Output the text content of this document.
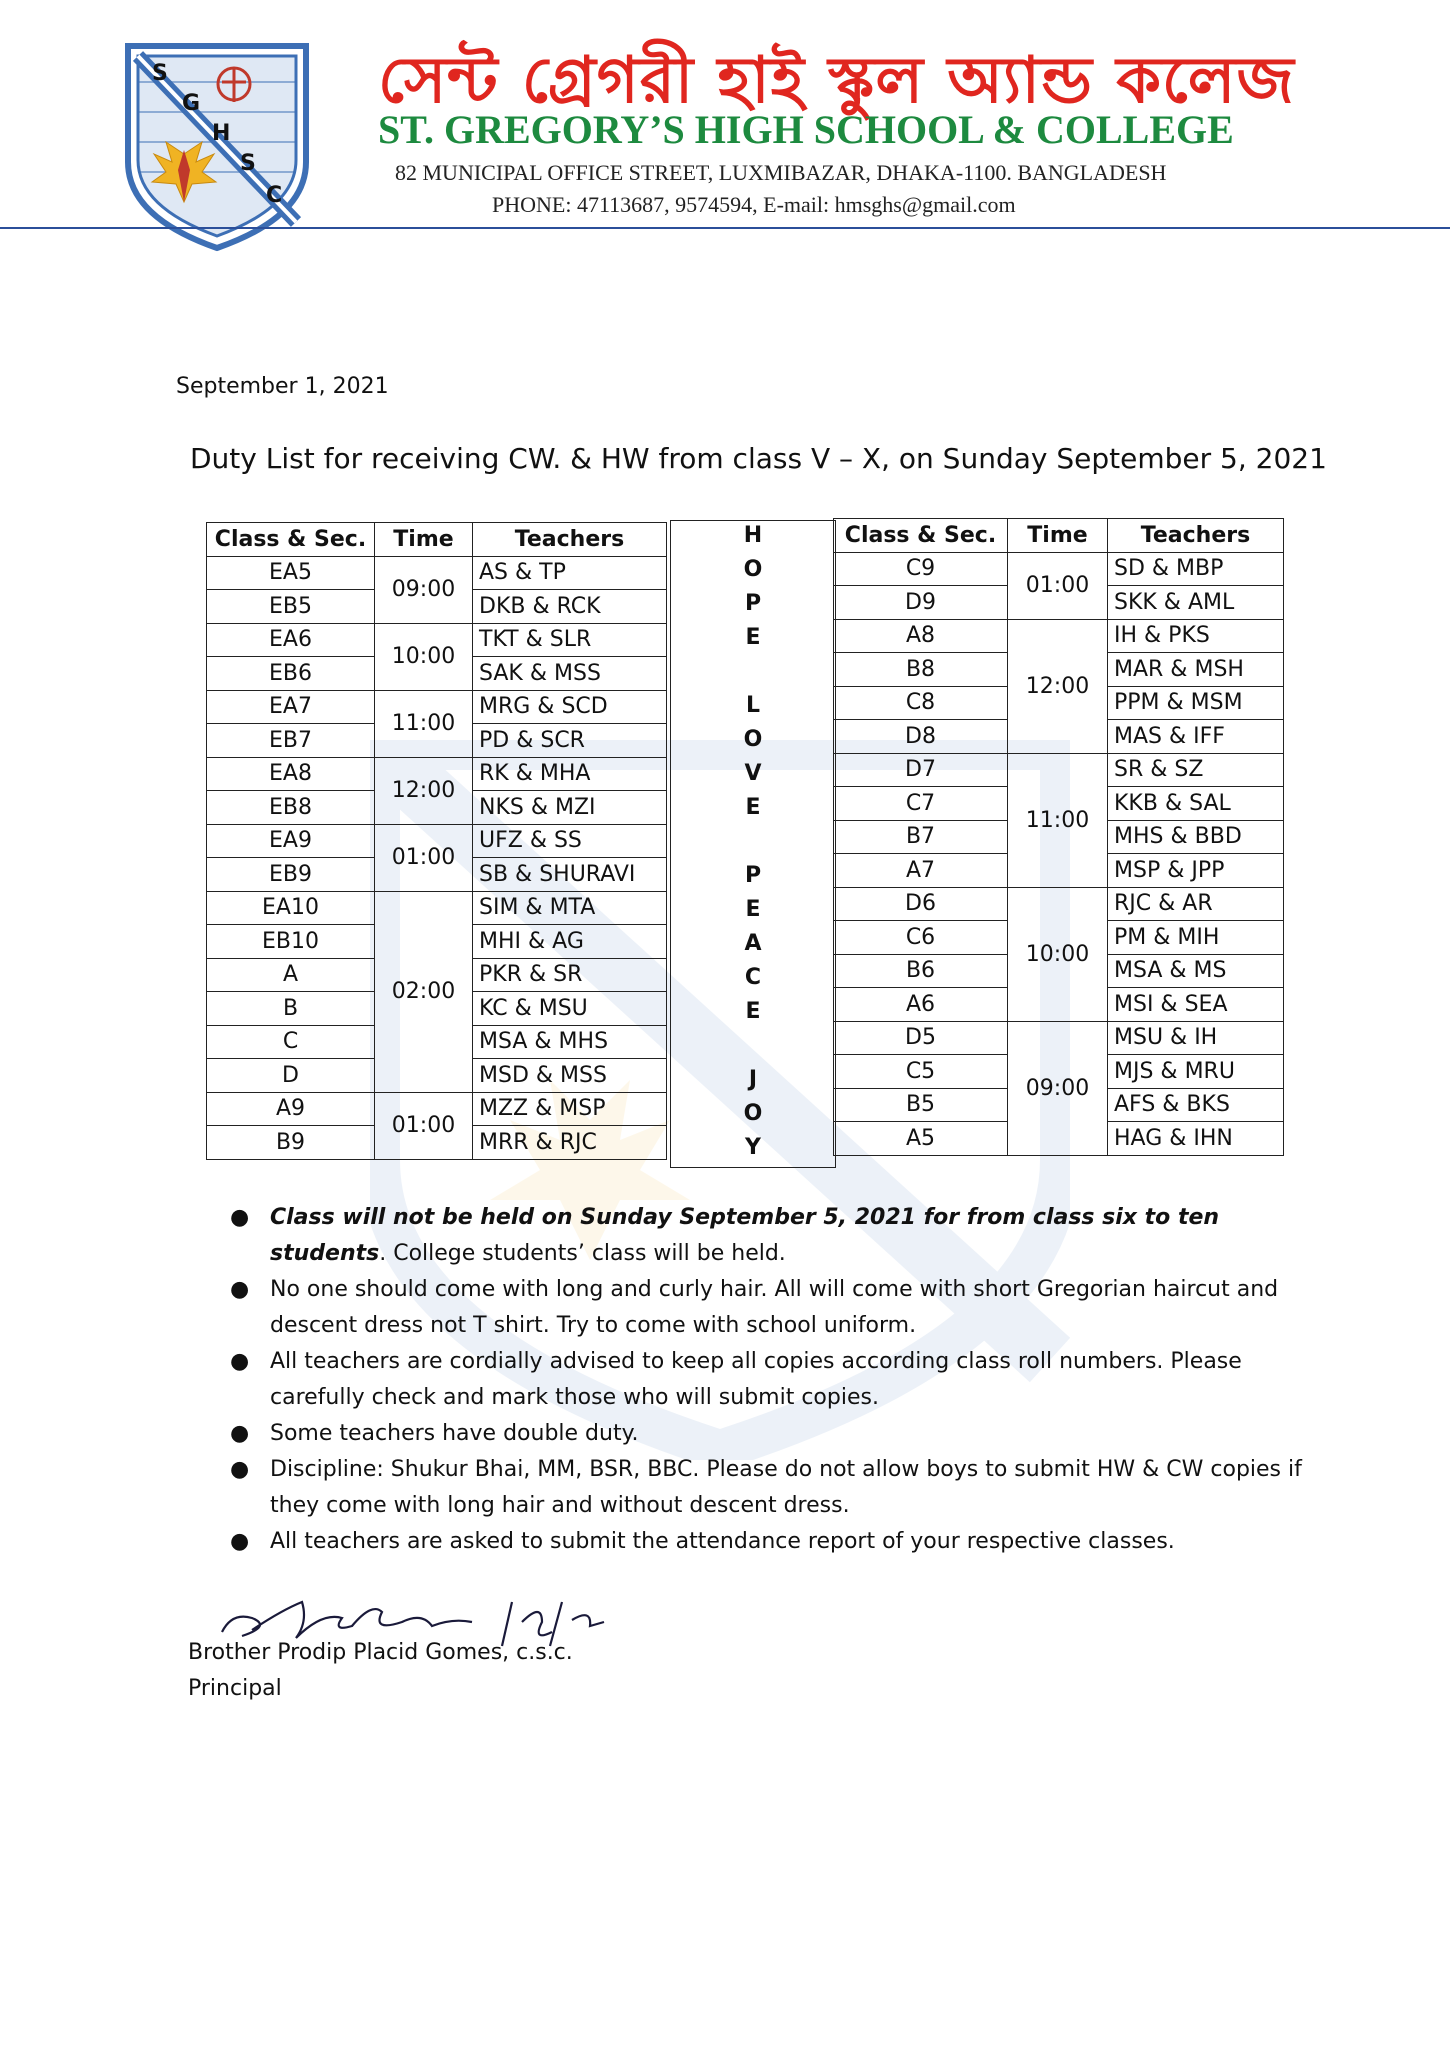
S
G
H
S
C
সেন্ট গ্রেগরী হাই স্কুল অ্যান্ড কলেজ
ST. GREGORY’S HIGH SCHOOL & COLLEGE
82 MUNICIPAL OFFICE STREET, LUXMIBAZAR, DHAKA-1100. BANGLADESH
PHONE: 47113687, 9574594, E-mail: hmsghs@gmail.com
September 1, 2021
Duty List for receiving CW. & HW from class V – X, on Sunday September 5, 2021
Class & Sec.	Time	Teachers
EA5	09:00	AS & TP
EB5		DKB & RCK
EA6	10:00	TKT & SLR
EB6		SAK & MSS
EA7	11:00	MRG & SCD
EB7		PD & SCR
EA8	12:00	RK & MHA
EB8		NKS & MZI
EA9	01:00	UFZ & SS
EB9		SB & SHURAVI
EA10	02:00	SIM & MTA
EB10		MHI & AG
A		PKR & SR
B		KC & MSU
C		MSA & MHS
D		MSD & MSS
A9	01:00	MZZ & MSP
B9		MRR & RJC
H
O
P
E
L
O
V
E
P
E
A
C
E
J
O
Y
Class & Sec.	Time	Teachers
C9	01:00	SD & MBP
D9		SKK & AML
A8	12:00	IH & PKS
B8		MAR & MSH
C8		PPM & MSM
D8		MAS & IFF
D7	11:00	SR & SZ
C7		KKB & SAL
B7		MHS & BBD
A7		MSP & JPP
D6	10:00	RJC & AR
C6		PM & MIH
B6		MSA & MS
A6		MSI & SEA
D5	09:00	MSU & IH
C5		MJS & MRU
B5		AFS & BKS
A5		HAG & IHN
● Class will not be held on Sunday September 5, 2021 for from class six to ten students. College students’ class will be held.
● No one should come with long and curly hair. All will come with short Gregorian haircut and descent dress not T shirt. Try to come with school uniform.
● All teachers are cordially advised to keep all copies according class roll numbers. Please carefully check and mark those who will submit copies.
● Some teachers have double duty.
● Discipline: Shukur Bhai, MM, BSR, BBC. Please do not allow boys to submit HW & CW copies if they come with long hair and without descent dress.
● All teachers are asked to submit the attendance report of your respective classes.
Br. Prodip csc 1/9/21.
Brother Prodip Placid Gomes, c.s.c.
Principal
